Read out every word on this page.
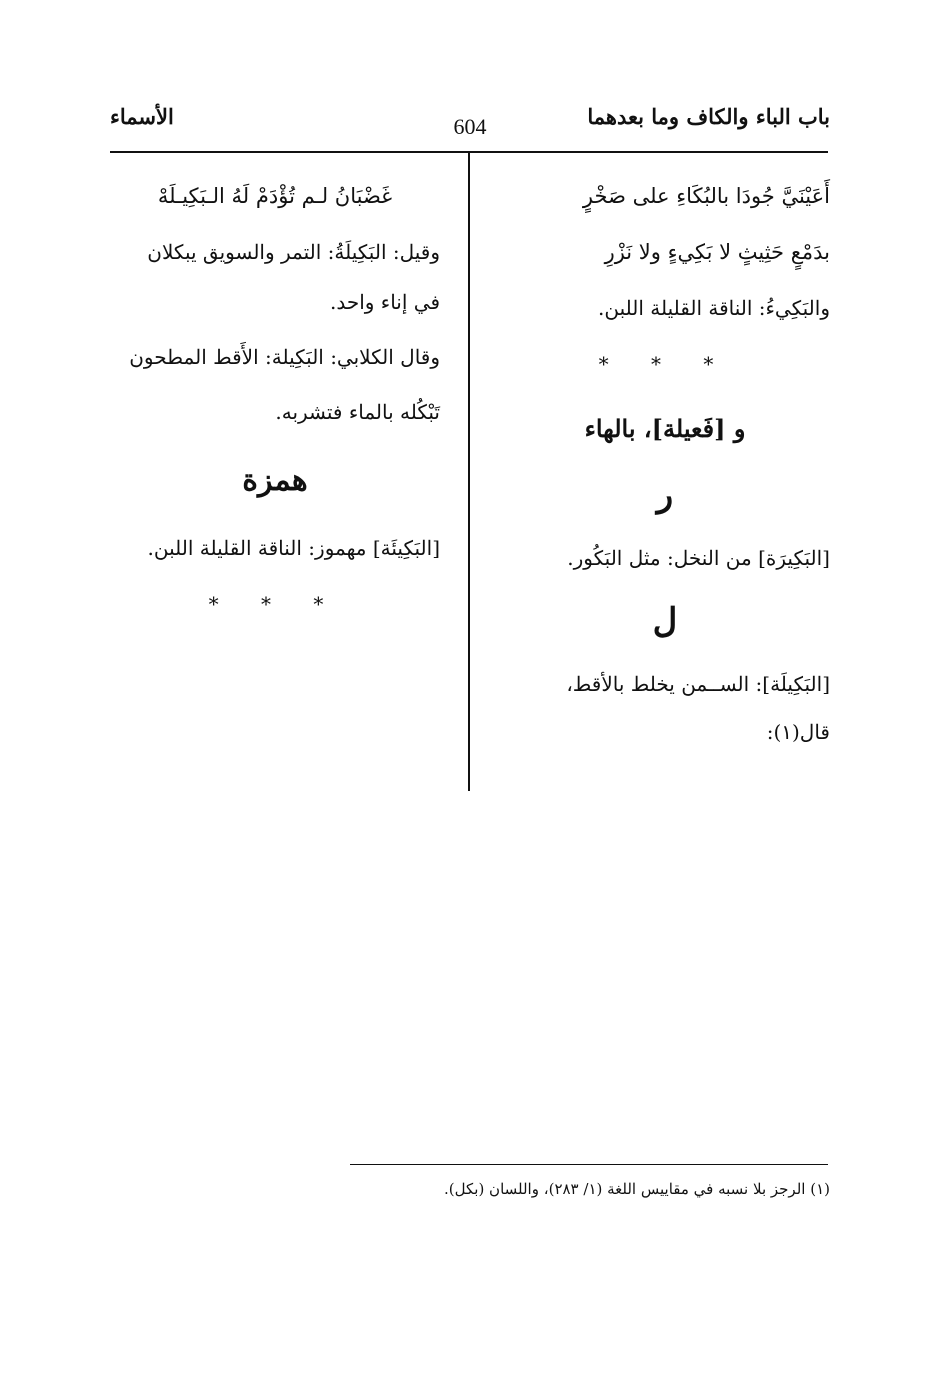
باب الباء والكاف وما بعدهما
604
الأسماء
أَعَيْنَيَّ جُودَا بالبُكَاءِ على صَخْرٍ
بدَمْعٍ حَثِيثٍ لا بَكِيءٍ ولا نَزْرِ
والبَكِيءُ: الناقة القليلة اللبن.
* * *
و [فَعيلة]، بالهاء
ر
[البَكِيرَة] من النخل: مثل البَكُور.
ل
[البَكِيلَة]: الســمن يخلط بالأقط،
قال(١):
غَضْبَانُ لـم تُؤْدَمْ لَهُ الـبَكِيـلَهْ
وقيل: البَكِيلَةُ: التمر والسويق يبكلان
في إناء واحد.
وقال الكلابي: البَكِيلة: الأَقط المطحون
تَبْكُله بالماء فتشربه.
همزة
[البَكِيئَة] مهموز: الناقة القليلة اللبن.
* * *
(١) الرجز بلا نسبه في مقاييس اللغة (١/ ٢٨٣)، واللسان (بكل).
